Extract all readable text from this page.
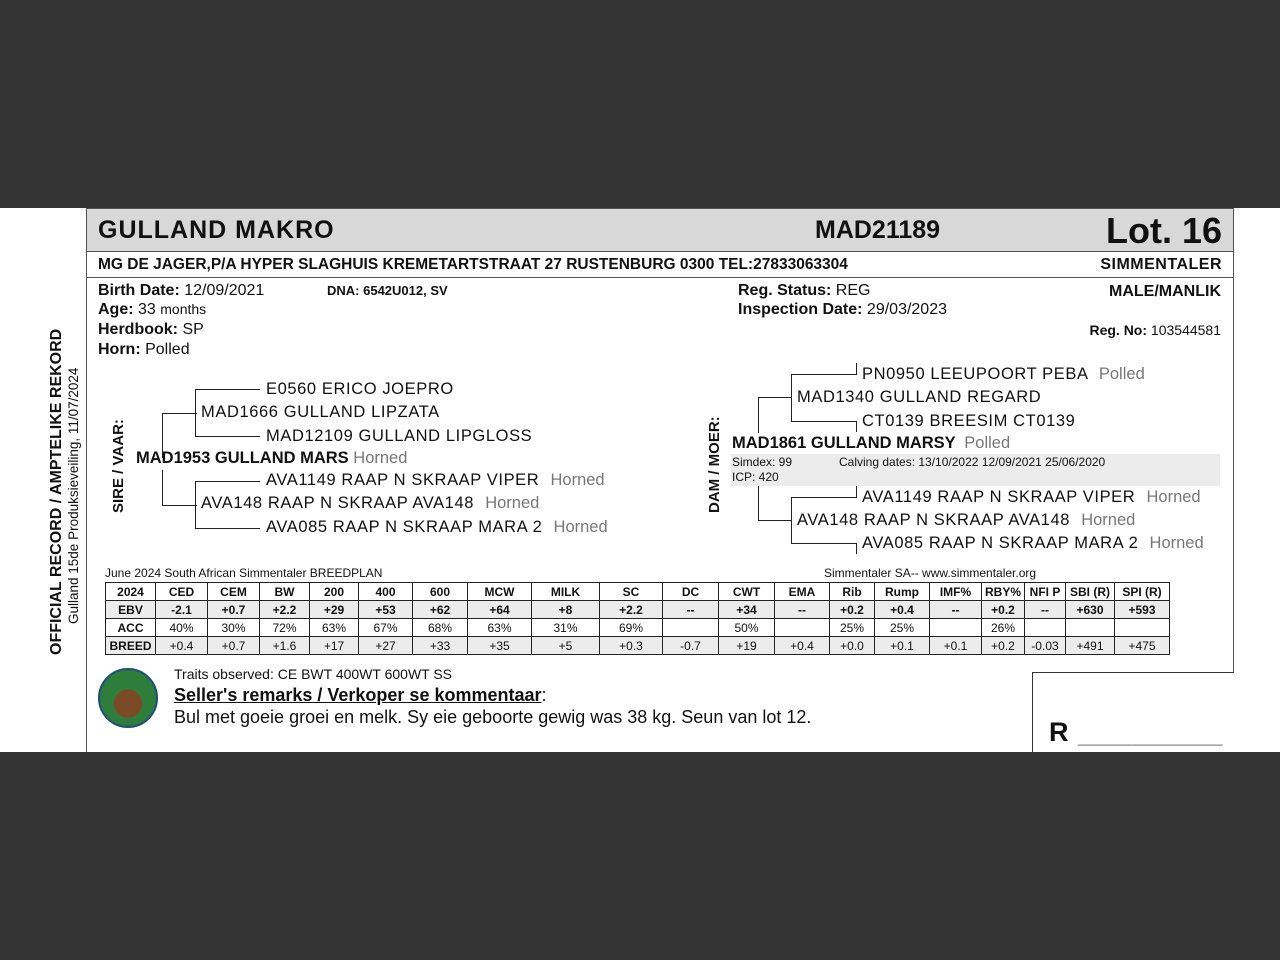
GULLAND MAKRO	MAD21189	Lot. 16
MG DE JAGER,P/A HYPER SLAGHUIS KREMETARTSTRAAT 27 RUSTENBURG 0300 TEL:27833063304	SIMMENTALER
OFFICIAL RECORD / AMPTELIKE REKORD Gulland 15de Produksieveiling, 11/07/2024
Birth Date: 12/09/2021	DNA: 6542U012, SV
Age: 33 months
Herdbook: SP
Horn: Polled
Reg. Status: REG
Inspection Date: 29/03/2023
MALE/MANLIK
Reg. No: 103544581
SIRE / VAAR:
E0560 ERICO JOEPRO
MAD1666 GULLAND LIPZATA
MAD12109 GULLAND LIPGLOSS
MAD1953 GULLAND MARS Horned
AVA1149 RAAP N SKRAAP VIPER Horned
AVA148 RAAP N SKRAAP AVA148 Horned
AVA085 RAAP N SKRAAP MARA 2 Horned
DAM / MOER:
PN0950 LEEUPOORT PEBA Polled
MAD1340 GULLAND REGARD
CT0139 BREESIM CT0139
MAD1861 GULLAND MARSY Polled
Simdex: 99	Calving dates: 13/10/2022 12/09/2021 25/06/2020
ICP: 420
AVA1149 RAAP N SKRAAP VIPER Horned
AVA148 RAAP N SKRAAP AVA148 Horned
AVA085 RAAP N SKRAAP MARA 2 Horned
June 2024 South African Simmentaler BREEDPLAN	Simmentaler SA-- www.simmentaler.org
2024	CED	CEM	BW	200	400	600	MCW	MILK	SC	DC	CWT	EMA	Rib	Rump	IMF%	RBY%	NFI P	SBI (R)	SPI (R)
EBV	-2.1	+0.7	+2.2	+29	+53	+62	+64	+8	+2.2	--	+34	--	+0.2	+0.4	--	+0.2	--	+630	+593
ACC	40%	30%	72%	63%	67%	68%	63%	31%	69%		50%		25%	25%		26%			
BREED	+0.4	+0.7	+1.6	+17	+27	+33	+35	+5	+0.3	-0.7	+19	+0.4	+0.0	+0.1	+0.1	+0.2	-0.03	+491	+475
Traits observed: CE BWT 400WT 600WT SS
Seller's remarks / Verkoper se kommentaar:
Bul met goeie groei en melk. Sy eie geboorte gewig was 38 kg. Seun van lot 12.	R ____________________
